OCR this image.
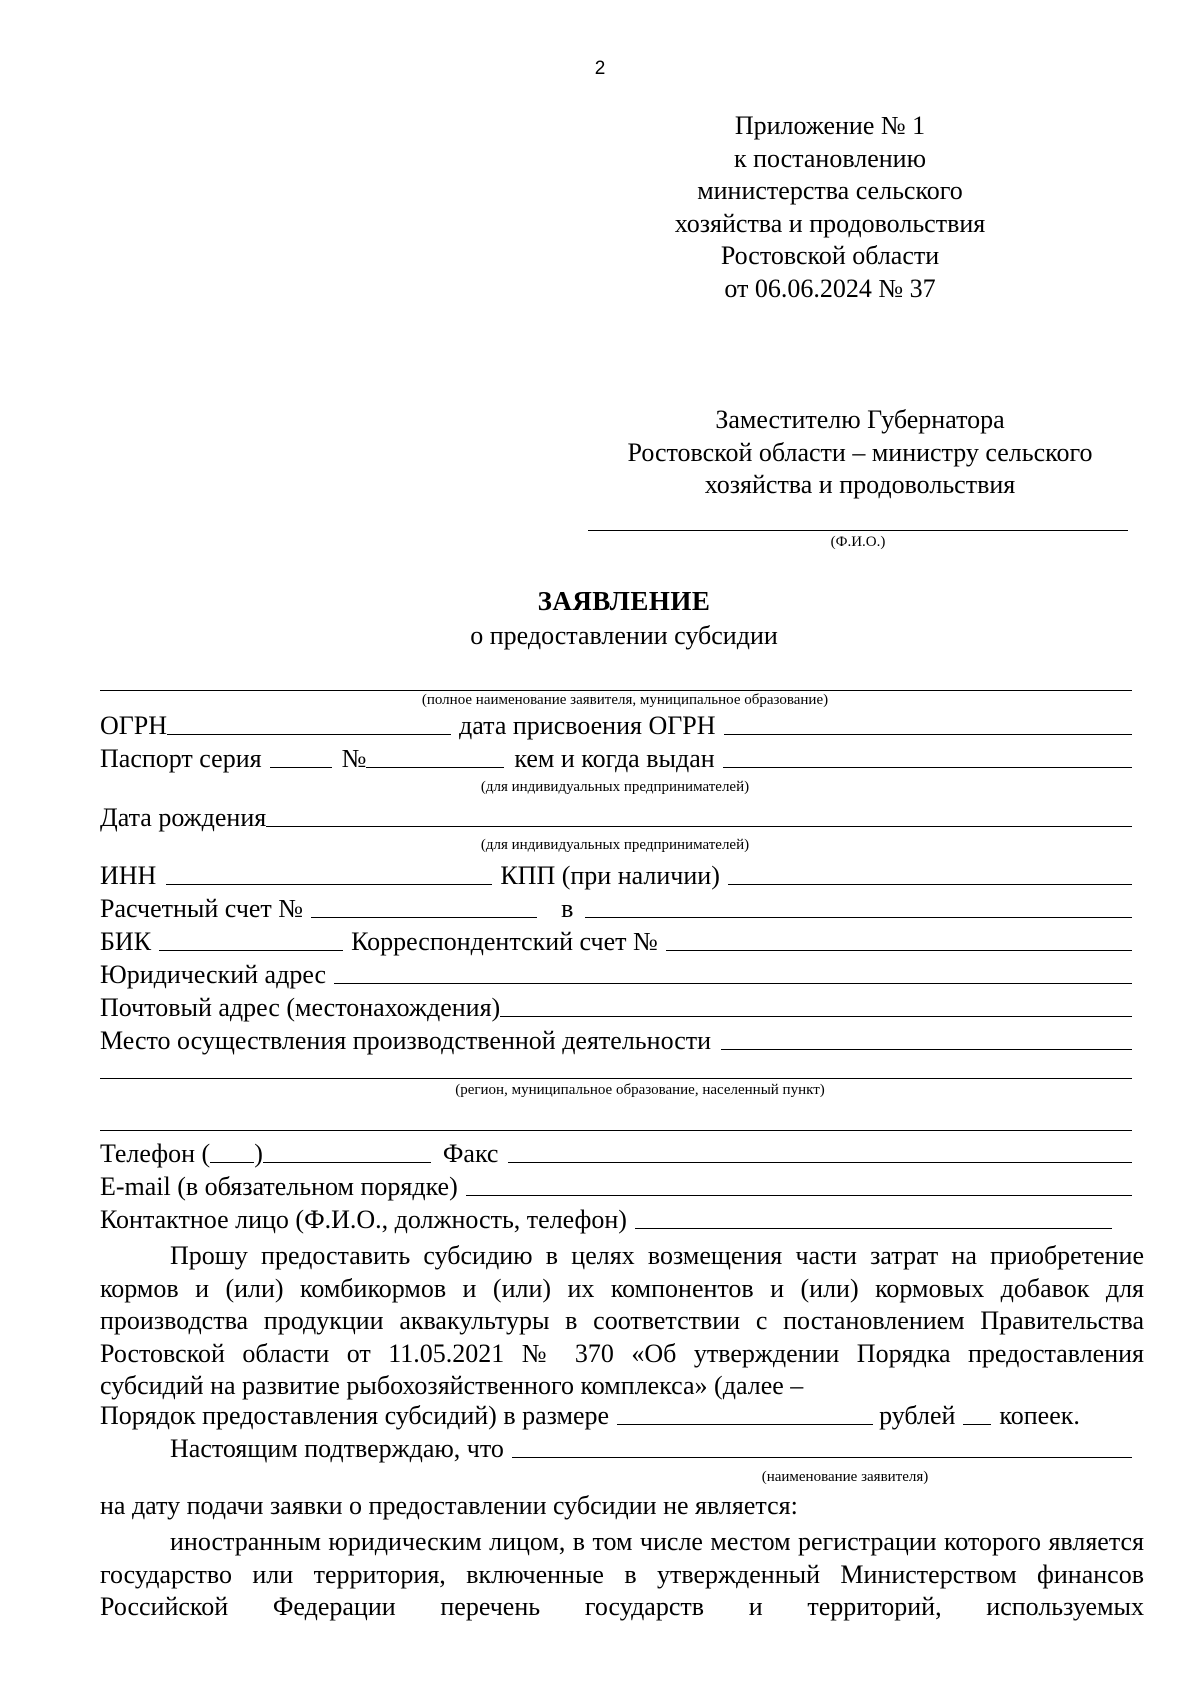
2
Приложение № 1
к постановлению
министерства сельского
хозяйства и продовольствия
Ростовской области
от 06.06.2024 № 37
Заместителю Губернатора
Ростовской области – министру сельского
хозяйства и продовольствия
(Ф.И.О.)
ЗАЯВЛЕНИЕ
о предоставлении субсидии
(полное наименование заявителя, муниципальное образование)
ОГРН	дата присвоения ОГРН
Паспорт серия	№	кем и когда выдан
(для индивидуальных предпринимателей)
Дата рождения
(для индивидуальных предпринимателей)
ИНН	КПП (при наличии)
Расчетный счет №	в
БИК	Корреспондентский счет №
Юридический адрес
Почтовый адрес (местонахождения)
Место осуществления производственной деятельности
(регион, муниципальное образование, населенный пункт)
Телефон ( )	Факс
E-mail (в обязательном порядке)
Контактное лицо (Ф.И.О., должность, телефон)
Прошу предоставить субсидию в целях возмещения части затрат на приобретение кормов и (или) комбикормов и (или) их компонентов и (или) кормовых добавок для производства продукции аквакультуры в соответствии с постановлением Правительства Ростовской области от 11.05.2021 № 370 «Об утверждении Порядка предоставления субсидий на развитие рыбохозяйственного комплекса» (далее –
Порядок предоставления субсидий) в размере	рублей копеек.
Настоящим подтверждаю, что
(наименование заявителя)
на дату подачи заявки о предоставлении субсидии не является:
иностранным юридическим лицом, в том числе местом регистрации которого является государство или территория, включенные в утвержденный Министерством финансов Российской Федерации перечень государств и территорий, используемых
